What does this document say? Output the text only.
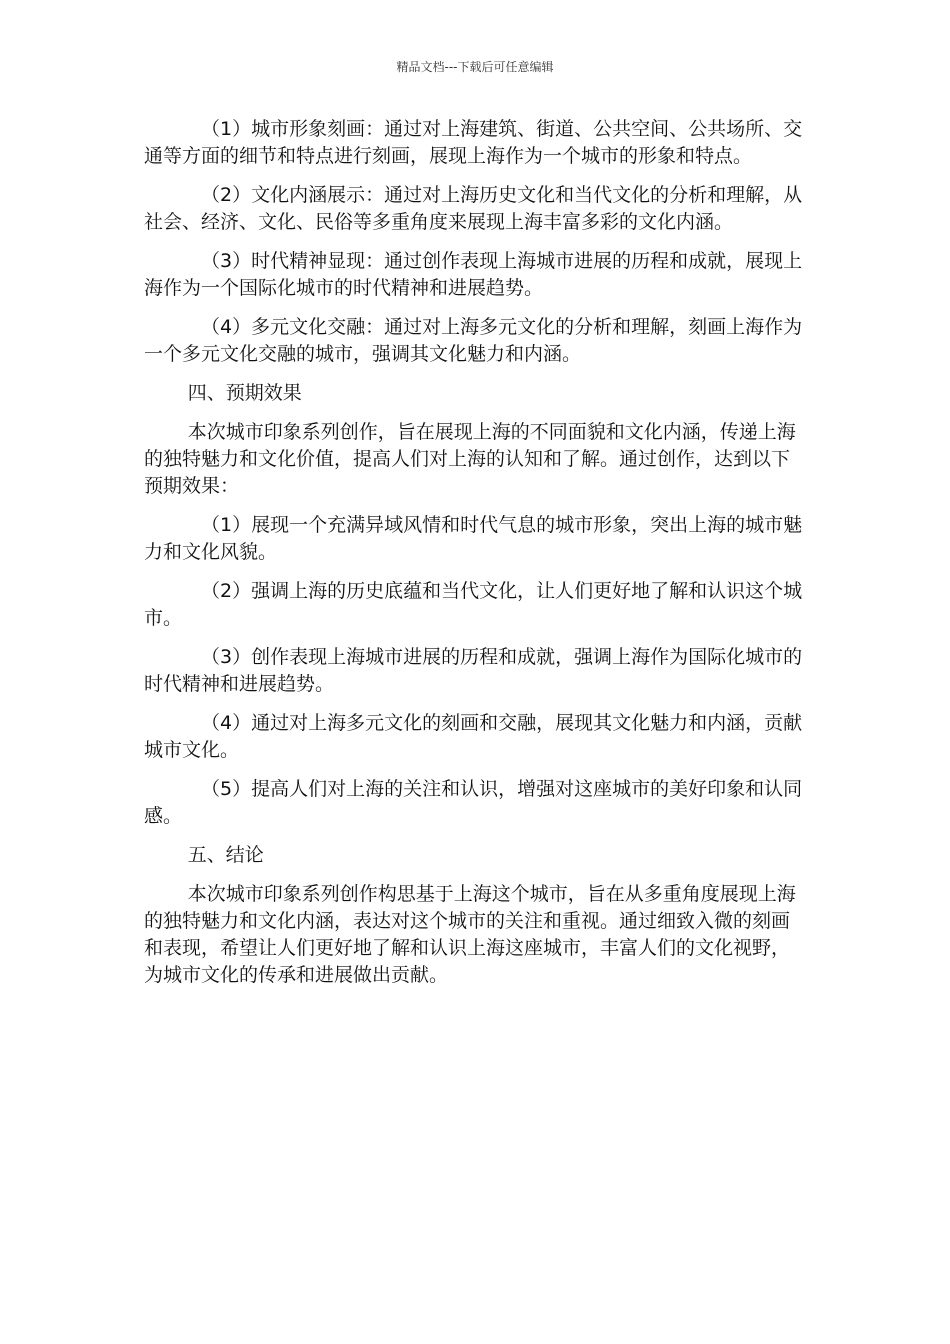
精品文档---下载后可任意编辑

（1）城市形象刻画：通过对上海建筑、街道、公共空间、公共场所、交通等方面的细节和特点进行刻画，展现上海作为一个城市的形象和特点。

（2）文化内涵展示：通过对上海历史文化和当代文化的分析和理解，从社会、经济、文化、民俗等多重角度来展现上海丰富多彩的文化内涵。

（3）时代精神显现：通过创作表现上海城市进展的历程和成就，展现上海作为一个国际化城市的时代精神和进展趋势。

（4）多元文化交融：通过对上海多元文化的分析和理解，刻画上海作为一个多元文化交融的城市，强调其文化魅力和内涵。

四、预期效果

本次城市印象系列创作，旨在展现上海的不同面貌和文化内涵，传递上海的独特魅力和文化价值，提高人们对上海的认知和了解。通过创作，达到以下预期效果：

（1）展现一个充满异域风情和时代气息的城市形象，突出上海的城市魅力和文化风貌。

（2）强调上海的历史底蕴和当代文化，让人们更好地了解和认识这个城市。

（3）创作表现上海城市进展的历程和成就，强调上海作为国际化城市的时代精神和进展趋势。

（4）通过对上海多元文化的刻画和交融，展现其文化魅力和内涵，贡献城市文化。

（5）提高人们对上海的关注和认识，增强对这座城市的美好印象和认同感。

五、结论

本次城市印象系列创作构思基于上海这个城市，旨在从多重角度展现上海的独特魅力和文化内涵，表达对这个城市的关注和重视。通过细致入微的刻画和表现，希望让人们更好地了解和认识上海这座城市，丰富人们的文化视野，为城市文化的传承和进展做出贡献。
